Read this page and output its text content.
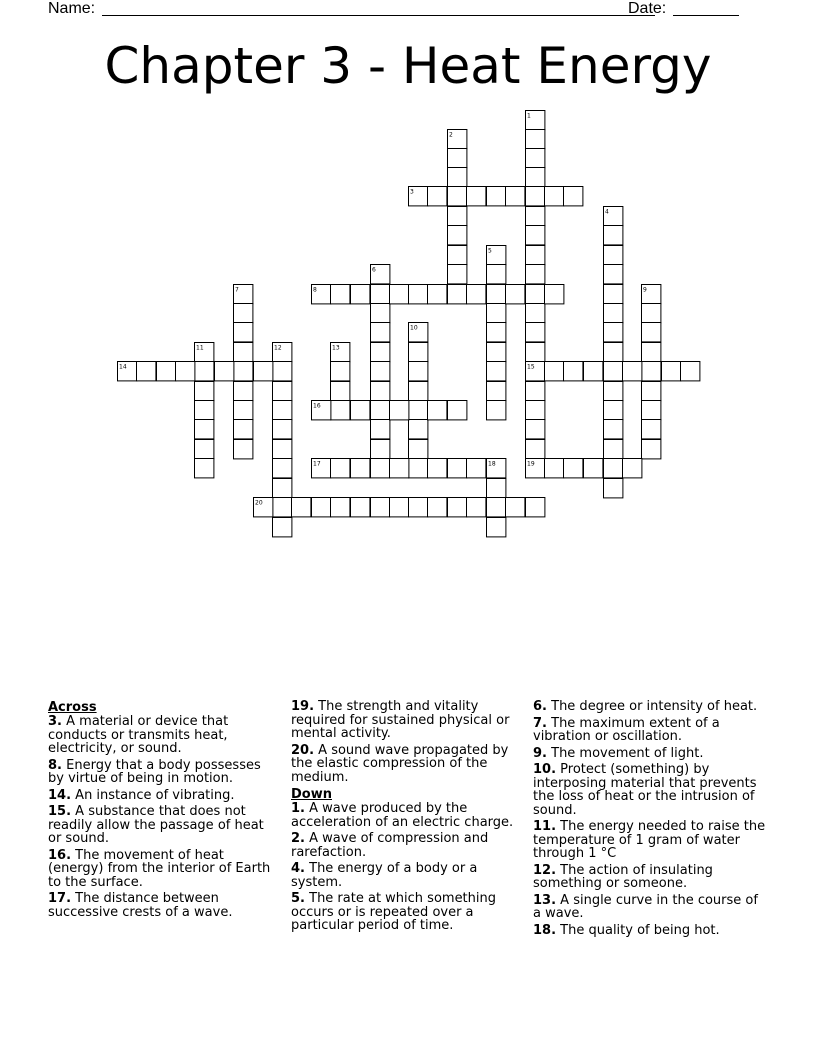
Name:	Date:
Chapter 3 - Heat Energy
1
2
3
4
5
6
7	8	9
10
11	12	13
14	15
16
17	18	19
20
Across

3. A material or device that conducts or transmits heat, electricity, or sound.

8. Energy that a body possesses by virtue of being in motion.

14. An instance of vibrating.

15. A substance that does not readily allow the passage of heat or sound.

16. The movement of heat (energy) from the interior of Earth to the surface.

17. The distance between successive crests of a wave.

19. The strength and vitality required for sustained physical or mental activity.

20. A sound wave propagated by the elastic compression of the medium.

Down

1. A wave produced by the acceleration of an electric charge.

2. A wave of compression and rarefaction.

4. The energy of a body or a system.

5. The rate at which something occurs or is repeated over a particular period of time.

6. The degree or intensity of heat.

7. The maximum extent of a vibration or oscillation.

9. The movement of light.

10. Protect (something) by interposing material that prevents the loss of heat or the intrusion of sound.

11. The energy needed to raise the temperature of 1 gram of water through 1 °C

12. The action of insulating something or someone.

13. A single curve in the course of a wave.

18. The quality of being hot.
